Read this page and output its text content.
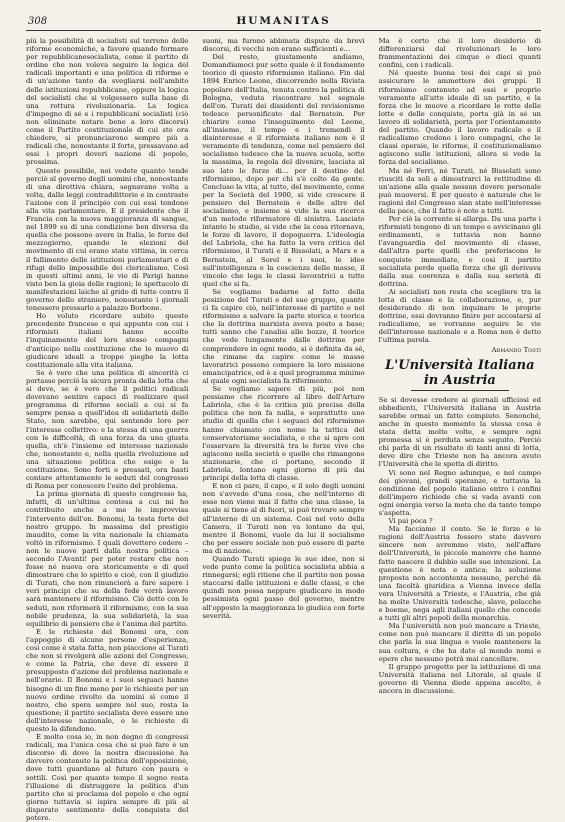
308	HUMANITAS

più la possibilità di socialisti sul terreno delle riforme economiche, a favore quando formare per repubblicanesocialista, come il partito di ordine che non voleva seguire la logica del radicali importanti e una politica di riforme e di un'azione tanto da svegliarsi nell'ambito delle istituzioni repubblicane, oppure la logica del socialisti che si volgessero sulla base di una rottura rivoluzionaria. La logica d'impegno di sé e i repubblicani socialisti (ciò non eliminate notare bene a loro discorsi) come il Partito costituzionale di cui sto ora chiedere, si pronunciarono sempre più a radicali che, nonostante il forte, pressavano ad essi i propri doveri nazione di popolo, prossima.

Questo possibile, noi vedete quanto tende perciò al governo degli uomini che, nonostante di una direttiva chiara, segnavano volta a volta, dalle leggi contraddittorie e in contrasto l'azione con il principio con cui essi tendono alla vita parlamentare. E il presidente che il Francia con la nuova maggioranza di sangue, nel 1899 su di una condizione ben diversa da quella che possono avere in Italia, le forze del mezzogiorno, quando le elezioni del movimento di cui erano state vittima, in cerca il fallimento delle istituzioni parlamentari e di rifugi dello impossibile dei clericalismo. Così in questi ultimi anni, le vie di Parigi hanno visto ben la gioia delle ragioni; le spettacolo di manifestazioni laiche al grido di tutte contro il governo dello straniero, nonostante i giornali tenessero pressarlo a palazzo Borbone.

Ho voluto ricordare subito questo precedente francese e qui appunto con cui i riformisti italiani hanno accolto l'inquinamento del loro stesso compagni d'anticipo nella costituzione che lo muovo di giudicare ideali a troppo pieghe la lotta costituzionale alla vita italiana.

Se è vero che una politica di sincerità ci portasse perciò la sicura pronta della lotta che si deve, se è vero che il politici radicali dovevano sentire capaci di realizzare quel programma di riforme sociali a cui si fa sempre pensa a quell'idea di solidarietà dello Stato, non sarebbe, qui sentendo loro per l'interesse collettivo: e la stessa di una guerra con le difficoltà, di una forza da una giusta quella, ch'è l'insieme ed interesse nazionale che, nonostante e, nella quella rivoluzione ad una situazione politica che esige e la costituzione. Sono forti e pressati, ora basti contare attentamente le seduti del congresso di Roma per conoscere l'esito del problema.

La prima giornata di questo congresso ha, infatti, di un'ultima contesa a cui mi ho contribuito anche a me le improvvisa l'intervento dell'on. Bonomi, la testa forte del nostro gruppo. In massima del prestigio inaudito, come la vita nazionale la chiamata voltò in riformismo. I quali dovettero cedere – non le nuove parti dalla nostra politica – secondo l'Avanti! per poter restare che non fosse né nuova ora storicamente e di quel dimostrare che lo spirito e cioè, con il giudizio di Turati, che non rinuncierà a fare sapere i veri principi che su della fede vorrà lavoro sarà mantenere il riformismo. Ciò detto con le seduti, non riformerà il riformismo, con la sua nobile prudenza, la sua solidarietà, la sua equilibrio di pensiero che è l'anima del partito.

E le richieste del Bonomi ora, con l'appoggio di alcune persone d'esperienza, così come è stata fatta, non piacciono al Turati che non si rivolgerà alle azioni del Congresso, e come la Patria, che deve di essere il presupposto d'azione del problema nazionale e nell'orario. Il Bonomi e i suoi seguaci hanno bisogno di un fine meno per le richieste per un nuovo ordine rivolto da uomini sì come il nostro, che spera sempre nel suo, resta la questione; il partito socialista deve essere uno dell'interesse nazionale, e le richieste di questo la difendono.

È molto cosa io, in non degno di congressi radicali, ma l'unica cosa che si può fare è un discorso di dove la nostra discussione ha davvero contenuto la politica dell'opposizione, dove tutti guardano al futuro con paura e sottili. Così per quanto tempo il sogno resta l'illusione di distruggere la politica d'un partito che si proclama del popolo e che ogni giorno tuttavia si ispira sempre di più al disperato sentimento della conquista del potere.

suoni, ma furono abbinata dispute da brevi discorsi, di vecchi non erano sufficienti e...

Del resto, giustamente andiamo, Domandiamoci pur sotto quale è il fondamento teorico di questo riformismo italiano. Fin dal 1894 Enrico Leone, discorrendo nella Rivista popolare dell'Italia, tenuta contro la politica di Bologna, veduta riscontrare nel segnale dell'on. Turati dei dissidenti del revisionismo tedesco personificato dal Bernstein. Per chiarire come l'inseguimento del Leone, all'insieme, il tempo e i tremendi il disinteresse e il riformista italiano non è il veramente di tendenza, come nel pensiero del socialismo tedesco che la nuova scuola, sotto la massima, la regola del divenire, lasciata al suo lato le forze di... per il destino del riformismo, dopo per chi s'è colto da gente. Concluso la vita, al tutto, del movimento, come per la Società del 1900, si vide crescere il pensiero del Bernstein e delle altre del socialismo, e insieme si vide la sua ricerca d'un metodo riformatore di sinistra. Lasciato intanto lo studio, si vide che la cosa ritornava, le forze di lavoro, il dopoguerra. L'ideologia del Labriola, che ha fatto la vera critica del riformismo, il Turati e il Bissolati, a Marx e a Bernstein, al Sorel e i suoi, le idee sull'intelligenza e la coscienza delle masse, il vincolo che lega le classi lavoratrici a tutto quel che si fa.

Se vogliamo badarne al fatto della posizione del Turati e del suo gruppo, quanto ci fa capire ciò, nell'interesse di partito e nel riformismo a salvare la parte storica e teorica che la dottrina marxista aveva posto a base; tutti sanno che l'analisi alle bozze, il teorico che vede lungamente dalle dottrine per comprendere in ogni modo, si è definita da sé, che rimane da capire come le masse lavoratrici possono compiere la loro missione emancipatrice, ed è a quel programma minimo al quale ogni socialista fa riferimento.

Se vogliamo sapere di più, poi non possiamo che ricorrere al libro dell'Arturo Labriola, che è la critica più precisa della politica che non fa nulla, e soprattutto uno studio di quella che i seguaci del riformismo hanno chiamato con nome la tattica del conservatorismo socialista, e che si apre con l'osservare la diversità tra le forze vive che agiscono nella società e quelle che rimangono stazionarie, che ci portano, secondo il Labriola, lontano ogni giorno di più dai principi della lotta di classe.

E non ci pare, il capo, e il solo degli uomini non s'avvede d'una cosa, che nell'interno di esse non viene mai il fatto che una classe, la quale si tiene al di fuori, si può trovare sempre all'interno di un sistema. Così nel voto della Camera, il Turati non va lontano da qui, mentre il Bonomi, vuole da lui il socialismo che per essere sociale non può essere di parte ma di nazione.

Quando Turati spiega le sue idee, non si vede punto come la politica socialista abbia a rinnegarsi; egli ritiene che il partito non possa staccarsi dalle istituzioni e dalle classi, e che quindi non possa neppure giudicare in modo pessimista ogni passo del governo, mentre all'opposto la maggioranza lo giudica con forte severità.

Ma è certo che il loro desiderio di differenziarsi dal rivoluzionari le loro frammentazioni dei cinque o dieci quanti confini, cen i radicali.

Né questo buona tesi dei capi si può assicurare le ammettere dei gruppi. Il riformismo contenuto ad essi e proprio veramente all'atto ideale di un partito, e la forza che lo muove a ricordare le rotte delle lotte e delle conquiste, porta già in sé un lavoro di solidarietà, porta per l'orientamento del partito. Quando il lavoro radicale e il radicalismo credono i loro compagni, che le classi operaie, le riforme, il costituzionalismo agiscono sulle istituzioni, allora si vede la forza del socialismo.

Ma né Ferri, né Turati, né Bissolati sono riusciti da soli a dimostrarci la rettitudine di un'azione alla quale nessun dovere personale può muoversi. E per questo è naturale che le ragioni del Congresso sian state nell'interesse della pace, che il fatto è noto a tutti.

Per ciò la corrente si allarga. Da una parte i riformisti tengono di un tempo e avvicinano gli ordinamenti, e tuttavia non hanno l'avanguardia del movimento di classe, dall'altra parte quelli che preferiscono le conquiste immediate, e così il partito socialista perde quella forza che gli derivava dalla sua coerenza e dalla sua serietà di dottrina.

Ai socialisti non resta che scegliere tra la lotta di classe e la collaborazione, e, pur desiderando di non inquinare le proprie dottrine, essi dovranno finire per accostarsi al radicalismo, se vorranno seguire le vie dell'interesse nazionale e a Roma non è detto l'ultima parola.

Armando Tosti
L'Università Italiana in Austria

Se si dovesse credere ai giornali ufficiosi ed obbedienti, l'Università italiana in Austria sarebbe ormai un fatto compiuto. Senonché, anche in questo momento la stessa cosa è stata detta molte volte, e sempre ogni promessa si è perduta senza seguito. Perciò chi parla di un risultato di tanti anni di lotta, deve dire che Trieste non ha ancora avuto l'Università che le spetta di diritto.

Vi sono nel Regno adunque, e nel campo dei giovani, grandi speranze, e tuttavia la condizione del popolo italiano entro i confini dell'impero richiede che si vada avanti con ogni energia verso la meta che da tanto tempo s'aspetta.

Vi pai poca ?

Ma facciamo il conto. Se le forze e le ragioni dell'Austria fossero state davvero sincere non avremmo visto, nell'affare dell'Università, le piccole manovre che hanno fatto nascere il dubbio sulle sue intenzioni. La questione è nota e antica; la soluzione proposta non accontenta nessuno, perché dà una facoltà giuridica a Vienna invece della vera Università a Trieste, e l'Austria, che già ha molte Università tedesche, slave, polacche e boeme, nega agli italiani quello che concede a tutti gli altri popoli della monarchia.

Ma l'università non può mancare a Trieste, come non può mancare il diritto di un popolo che parla la sua lingua e vuole mantenere la sua coltura, e che ha dato al mondo nomi e opere che nessuno potrà mai cancellare.

Il gruppo progetto per la istituzione di una Università italiana nel Litorale, al quale il governo di Vienna diede appena ascolto, è ancora in discussione.
